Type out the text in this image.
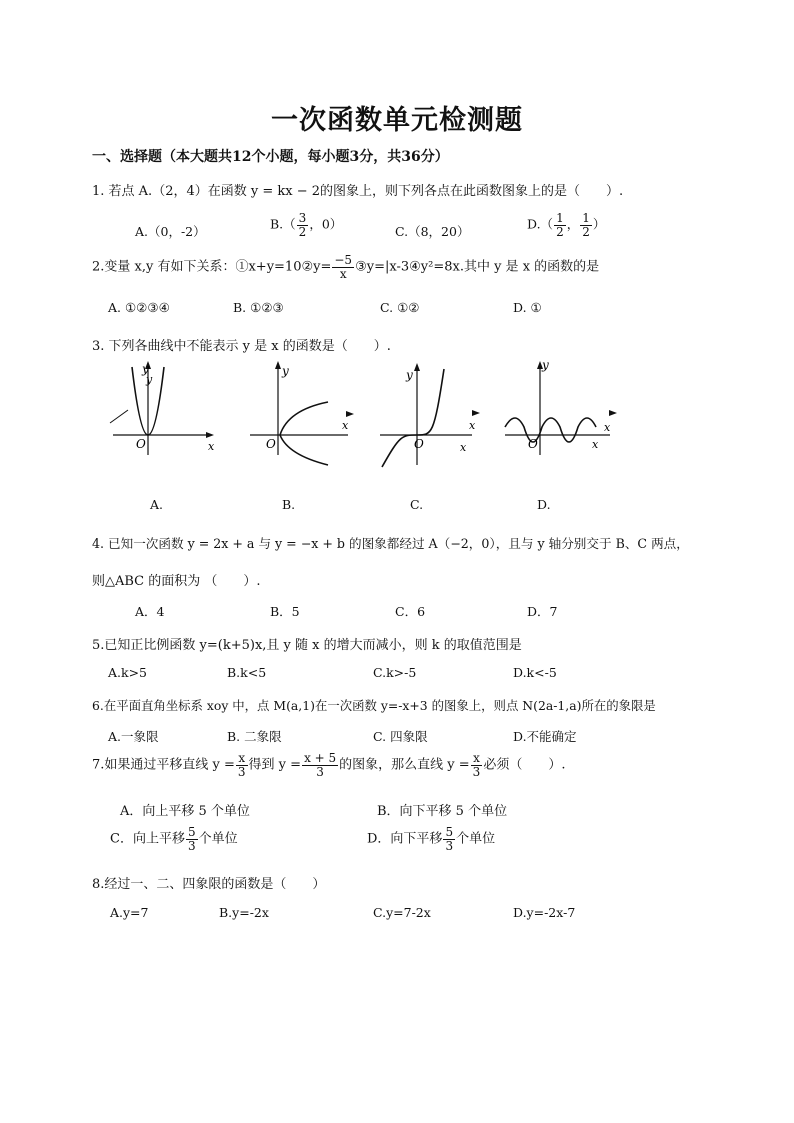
一次函数单元检测题
一、选择题（本大题共12个小题，每小题3分，共36分）
1. 若点 A.（2，4）在函数 y = kx − 2的图象上，则下列各点在此函数图象上的是（　　）.
A.（0，-2）	$B.( \frac{3}{2}$ ，0）	C.（8，20）	$D.( \frac{1}{2}$ ， $\frac{1}{2}$ ）
2.变量 x,y 有如下关系：①x+y=10②y= $\frac{-5}{x}$ ③y=|x-3④y²=8x.其中 y 是 x 的函数的是
A. ①②③④	B. ①②③	C. ①②	D. ①
3. 下列各曲线中不能表示 y 是 x 的函数是（　　）.
y
y
O	x
y
O
x
y
O
x
x
y
O
x
x
A.	B.	C.	D.
4. 已知一次函数 y = 2x + a 与 y = −x + b 的图象都经过 A（−2，0），且与 y 轴分别交于 B、C 两点，
则△ABC 的面积为 （　　）.
A．4	B．5	C．6	D．7
5.已知正比例函数 y=(k+5)x,且 y 随 x 的增大而减小，则 k 的取值范围是
A.k>5	B.k<5	C.k>-5	D.k<-5
6.在平面直角坐标系 xoy 中，点 M(a,1)在一次函数 y=-x+3 的图象上，则点 N(2a-1,a)所在的象限是
A.一象限	B. 二象限	C. 四象限	D.不能确定
7.如果通过平移直线 $y = \frac{x}{3}$ 得到 $y = \frac{x + 5}{3}$ 的图象，那么直线 $y = \frac{x}{3}$ 必须（　　）.
A．向上平移 5 个单位	B．向下平移 5 个单位
C．向上平移 $\frac{5}{3}$ 个单位	D．向下平移 $\frac{5}{3}$ 个单位
8.经过一、二、四象限的函数是（　　）
A.y=7	B.y=-2x	C.y=7-2x	D.y=-2x-7
